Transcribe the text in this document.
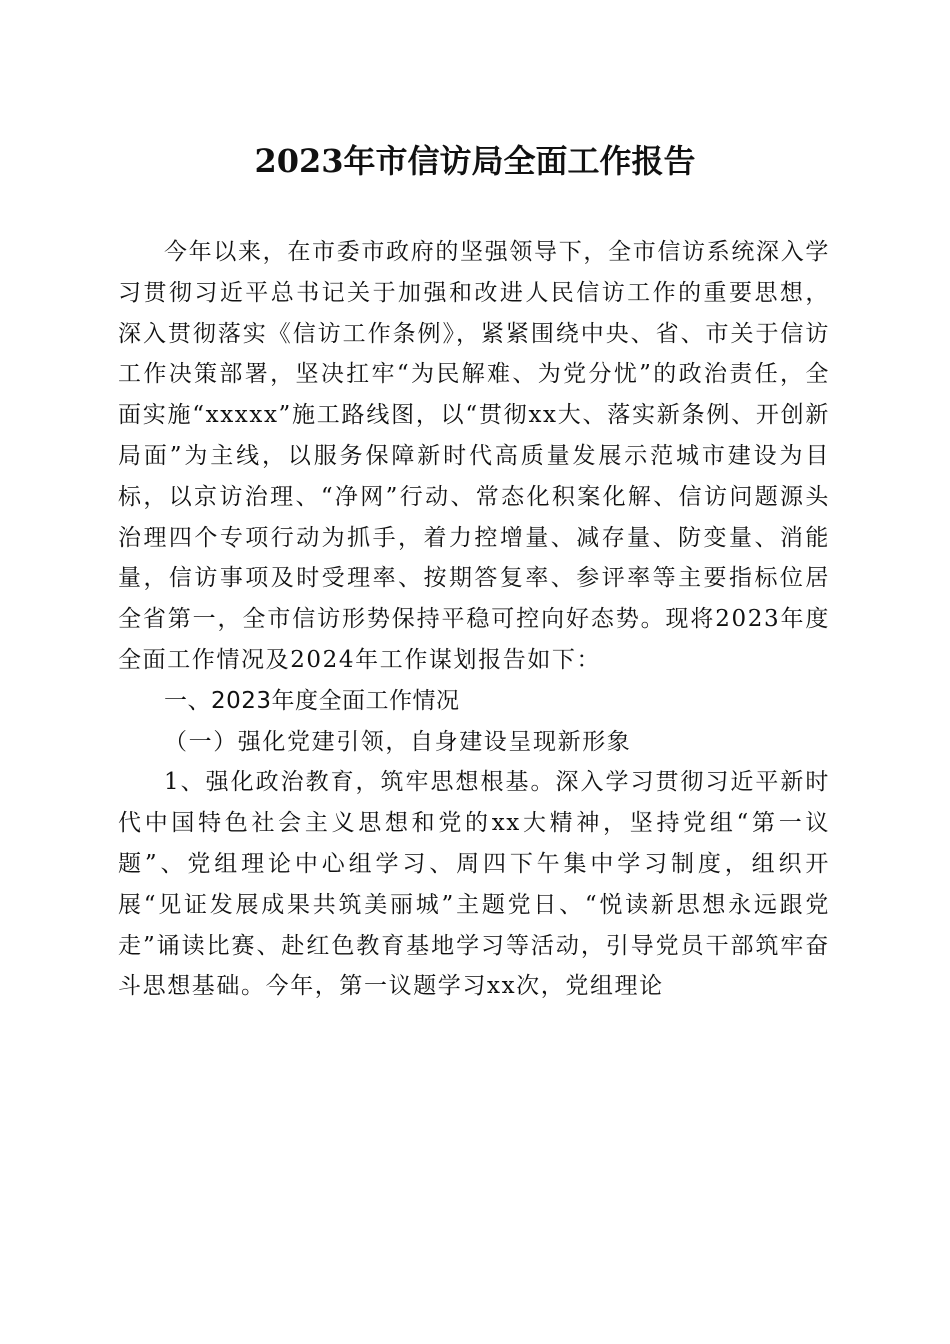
2023年市信访局全面工作报告

今年以来，在市委市政府的坚强领导下，全市信访系统深入学习贯彻习近平总书记关于加强和改进人民信访工作的重要思想，深入贯彻落实《信访工作条例》，紧紧围绕中央、省、市关于信访工作决策部署，坚决扛牢“为民解难、为党分忧”的政治责任，全面实施“xxxxx”施工路线图，以“贯彻xx大、落实新条例、开创新局面”为主线，以服务保障新时代高质量发展示范城市建设为目标，以京访治理、“净网”行动、常态化积案化解、信访问题源头治理四个专项行动为抓手，着力控增量、减存量、防变量、消能量，信访事项及时受理率、按期答复率、参评率等主要指标位居全省第一，全市信访形势保持平稳可控向好态势。现将2023年度全面工作情况及2024年工作谋划报告如下：

一、2023年度全面工作情况

（一）强化党建引领，自身建设呈现新形象

1、强化政治教育，筑牢思想根基。深入学习贯彻习近平新时代中国特色社会主义思想和党的xx大精神，坚持党组“第一议题”、党组理论中心组学习、周四下午集中学习制度，组织开展“见证发展成果共筑美丽城”主题党日、“悦读新思想永远跟党走”诵读比赛、赴红色教育基地学习等活动，引导党员干部筑牢奋斗思想基础。今年，第一议题学习xx次，党组理论
